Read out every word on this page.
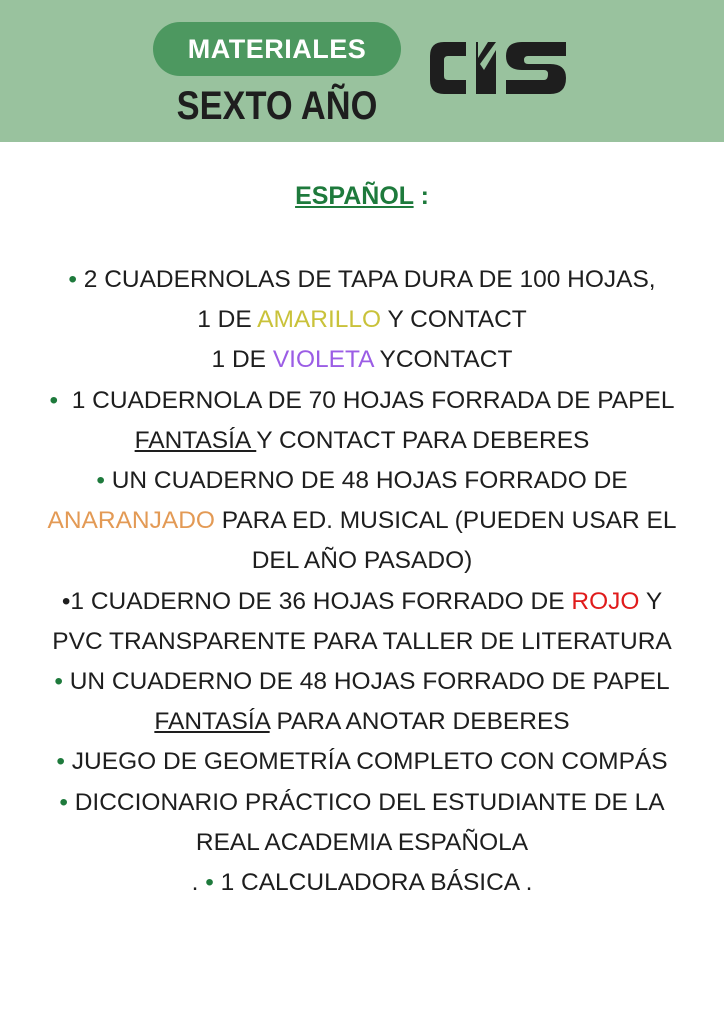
MATERIALES
SEXTO AÑO
ESPAÑOL :
• 2 CUADERNOLAS DE TAPA DURA DE 100 HOJAS,
1 DE AMARILLO Y CONTACT
1 DE VIOLETA YCONTACT
•  1 CUADERNOLA DE 70 HOJAS FORRADA DE PAPEL
FANTASÍA Y CONTACT PARA DEBERES
• UN CUADERNO DE 48 HOJAS FORRADO DE
ANARANJADO PARA ED. MUSICAL (PUEDEN USAR EL
DEL AÑO PASADO)
•1 CUADERNO DE 36 HOJAS FORRADO DE ROJO Y
PVC TRANSPARENTE PARA TALLER DE LITERATURA
• UN CUADERNO DE 48 HOJAS FORRADO DE PAPEL
FANTASÍA PARA ANOTAR DEBERES
• JUEGO DE GEOMETRÍA COMPLETO CON COMPÁS
• DICCIONARIO PRÁCTICO DEL ESTUDIANTE DE LA
REAL ACADEMIA ESPAÑOLA
. • 1 CALCULADORA BÁSICA .
